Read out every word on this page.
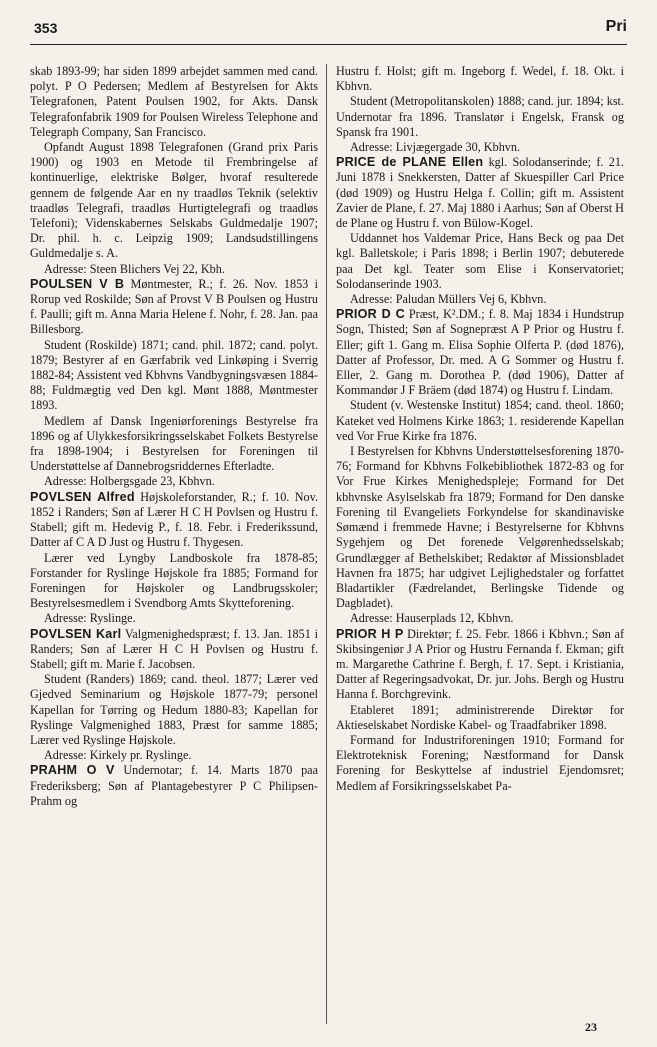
353	Pri

skab 1893-99; har siden 1899 arbejdet sammen med cand. polyt. P O Pedersen; Medlem af Bestyrelsen for Akts Telegrafonen, Patent Poulsen 1902, for Akts. Dansk Telegrafonfabrik 1909 for Poulsen Wireless Telephone and Telegraph Company, San Francisco.

Opfandt August 1898 Telegrafonen (Grand prix Paris 1900) og 1903 en Metode til Frembringelse af kontinuerlige, elektriske Bølger, hvoraf resulterede gennem de følgende Aar en ny traadløs Teknik (selektiv traadløs Telegrafi, traadløs Hurtigtelegrafi og traadløs Telefoni); Videnskabernes Selskabs Guldmedalje 1907; Dr. phil. h. c. Leipzig 1909; Landsudstillingens Guldmedalje s. A.

Adresse: Steen Blichers Vej 22, Kbh.

POULSEN V B Møntmester, R.; f. 26. Nov. 1853 i Rorup ved Roskilde; Søn af Provst V B Poulsen og Hustru f. Paulli; gift m. Anna Maria Helene f. Nohr, f. 28. Jan. paa Billesborg.

Student (Roskilde) 1871; cand. phil. 1872; cand. polyt. 1879; Bestyrer af en Gærfabrik ved Linkøping i Sverrig 1882-84; Assistent ved Kbhvns Vandbygningsvæsen 1884-88; Fuldmægtig ved Den kgl. Mønt 1888, Møntmester 1893.

Medlem af Dansk Ingeniørforenings Bestyrelse fra 1896 og af Ulykkesforsikringsselskabet Folkets Bestyrelse fra 1898-1904; i Bestyrelsen for Foreningen til Understøttelse af Dannebrogsriddernes Efterladte.

Adresse: Holbergsgade 23, Kbhvn.

POVLSEN Alfred Højskoleforstander, R.; f. 10. Nov. 1852 i Randers; Søn af Lærer H C H Povlsen og Hustru f. Stabell; gift m. Hedevig P., f. 18. Febr. i Frederikssund, Datter af C A D Just og Hustru f. Thygesen.

Lærer ved Lyngby Landboskole fra 1878-85; Forstander for Ryslinge Højskole fra 1885; Formand for Foreningen for Højskoler og Landbrugsskoler; Bestyrelsesmedlem i Svendborg Amts Skytteforening.

Adresse: Ryslinge.

POVLSEN Karl Valgmenighedspræst; f. 13. Jan. 1851 i Randers; Søn af Lærer H C H Povlsen og Hustru f. Stabell; gift m. Marie f. Jacobsen.

Student (Randers) 1869; cand. theol. 1877; Lærer ved Gjedved Seminarium og Højskole 1877-79; personel Kapellan for Tørring og Hedum 1880-83; Kapellan for Ryslinge Valgmenighed 1883, Præst for samme 1885; Lærer ved Ryslinge Højskole.

Adresse: Kirkely pr. Ryslinge.

PRAHM O V Undernotar; f. 14. Marts 1870 paa Frederiksberg; Søn af Plantagebestyrer P C Philipsen-Prahm og

Hustru f. Holst; gift m. Ingeborg f. Wedel, f. 18. Okt. i Kbhvn.

Student (Metropolitanskolen) 1888; cand. jur. 1894; kst. Undernotar fra 1896. Translatør i Engelsk, Fransk og Spansk fra 1901.

Adresse: Livjægergade 30, Kbhvn.

PRICE de PLANE Ellen kgl. Solodanserinde; f. 21. Juni 1878 i Snekkersten, Datter af Skuespiller Carl Price (død 1909) og Hustru Helga f. Collin; gift m. Assistent Zavier de Plane, f. 27. Maj 1880 i Aarhus; Søn af Oberst H de Plane og Hustru f. von Bülow-Kogel.

Uddannet hos Valdemar Price, Hans Beck og paa Det kgl. Balletskole; i Paris 1898; i Berlin 1907; debuterede paa Det kgl. Teater som Elise i Konservatoriet; Solodanserinde 1903.

Adresse: Paludan Müllers Vej 6, Kbhvn.

PRIOR D C Præst, K².DM.; f. 8. Maj 1834 i Hundstrup Sogn, Thisted; Søn af Sognepræst A P Prior og Hustru f. Eller; gift 1. Gang m. Elisa Sophie Olferta P. (død 1876), Datter af Professor, Dr. med. A G Sommer og Hustru f. Eller, 2. Gang m. Dorothea P. (død 1906), Datter af Kommandør J F Bräem (død 1874) og Hustru f. Lindam.

Student (v. Westenske Institut) 1854; cand. theol. 1860; Kateket ved Holmens Kirke 1863; 1. residerende Kapellan ved Vor Frue Kirke fra 1876.

I Bestyrelsen for Kbhvns Understøttelsesforening 1870-76; Formand for Kbhvns Folkebibliothek 1872-83 og for Vor Frue Kirkes Menighedspleje; Formand for Det kbhvnske Asylselskab fra 1879; Formand for Den danske Forening til Evangeliets Forkyndelse for skandinaviske Sømænd i fremmede Havne; i Bestyrelserne for Kbhvns Sygehjem og Det forenede Velgørenhedsselskab; Grundlægger af Bethelskibet; Redaktør af Missionsbladet Havnen fra 1875; har udgivet Lejlighedstaler og forfattet Bladartikler (Fædrelandet, Berlingske Tidende og Dagbladet).

Adresse: Hauserplads 12, Kbhvn.

PRIOR H P Direktør; f. 25. Febr. 1866 i Kbhvn.; Søn af Skibsingeniør J A Prior og Hustru Fernanda f. Ekman; gift m. Margarethe Cathrine f. Bergh, f. 17. Sept. i Kristiania, Datter af Regeringsadvokat, Dr. jur. Johs. Bergh og Hustru Hanna f. Borchgrevink.

Etableret 1891; administrerende Direktør for Aktieselskabet Nordiske Kabel- og Traadfabriker 1898.

Formand for Industriforeningen 1910; Formand for Elektroteknisk Forening; Næstformand for Dansk Forening for Beskyttelse af industriel Ejendomsret; Medlem af Forsikringsselskabet Pa-

23
